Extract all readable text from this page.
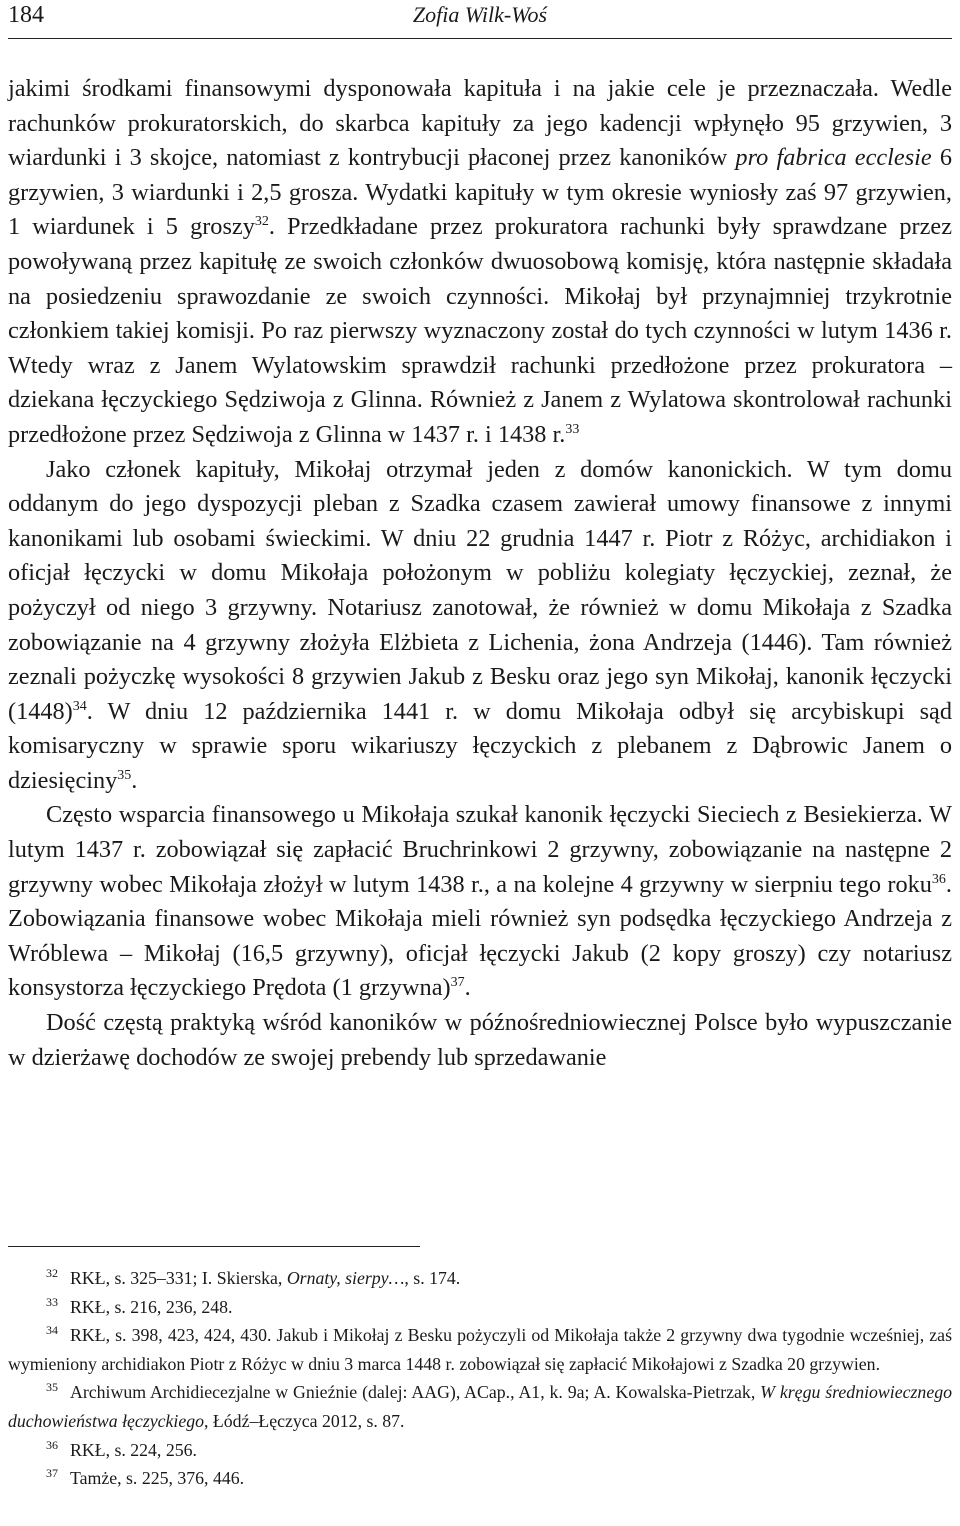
184	Zofia Wilk-Woś

jakimi środkami finansowymi dysponowała kapituła i na jakie cele je przeznaczała. Wedle rachunków prokuratorskich, do skarbca kapituły za jego kadencji wpłynęło 95 grzywien, 3 wiardunki i 3 skojce, natomiast z kontrybucji płaconej przez kanoników pro fabrica ecclesie 6 grzywien, 3 wiardunki i 2,5 grosza. Wydatki kapituły w tym okresie wyniosły zaś 97 grzywien, 1 wiardunek i 5 groszy$^{32}$. Przedkładane przez prokuratora rachunki były sprawdzane przez powoływaną przez kapitułę ze swoich członków dwuosobową komisję, która następnie składała na posiedzeniu sprawozdanie ze swoich czynności. Mikołaj był przynajmniej trzykrotnie członkiem takiej komisji. Po raz pierwszy wyznaczony został do tych czynności w lutym 1436 r. Wtedy wraz z Janem Wylatowskim sprawdził rachunki przedłożone przez prokuratora – dziekana łęczyckiego Sędziwoja z Glinna. Również z Janem z Wylatowa skontrolował rachunki przedłożone przez Sędziwoja z Glinna w 1437 r. i 1438 r.$^{33}$

Jako członek kapituły, Mikołaj otrzymał jeden z domów kanonickich. W tym domu oddanym do jego dyspozycji pleban z Szadka czasem zawierał umowy finansowe z innymi kanonikami lub osobami świeckimi. W dniu 22 grudnia 1447 r. Piotr z Różyc, archidiakon i oficjał łęczycki w domu Mikołaja położonym w pobliżu kolegiaty łęczyckiej, zeznał, że pożyczył od niego 3 grzywny. Notariusz zanotował, że również w domu Mikołaja z Szadka zobowiązanie na 4 grzywny złożyła Elżbieta z Lichenia, żona Andrzeja (1446). Tam również zeznali pożyczkę wysokości 8 grzywien Jakub z Besku oraz jego syn Mikołaj, kanonik łęczycki (1448)$^{34}$. W dniu 12 października 1441 r. w domu Mikołaja odbył się arcybiskupi sąd komisaryczny w sprawie sporu wikariuszy łęczyckich z plebanem z Dąbrowic Janem o dziesięciny$^{35}$.

Często wsparcia finansowego u Mikołaja szukał kanonik łęczycki Sieciech z Besiekierza. W lutym 1437 r. zobowiązał się zapłacić Bruchrinkowi 2 grzywny, zobowiązanie na następne 2 grzywny wobec Mikołaja złożył w lutym 1438 r., a na kolejne 4 grzywny w sierpniu tego roku$^{36}$. Zobowiązania finansowe wobec Mikołaja mieli również syn podsędka łęczyckiego Andrzeja z Wróblewa – Mikołaj (16,5 grzywny), oficjał łęczycki Jakub (2 kopy groszy) czy notariusz konsystorza łęczyckiego Prędota (1 grzywna)$^{37}$.

Dość częstą praktyką wśród kanoników w późnośredniowiecznej Polsce było wypuszczanie w dzierżawę dochodów ze swojej prebendy lub sprzedawanie

$^{32}$ RKŁ, s. 325–331; I. Skierska, Ornaty, sierpy…, s. 174.

$^{33}$ RKŁ, s. 216, 236, 248.

$^{34}$ RKŁ, s. 398, 423, 424, 430. Jakub i Mikołaj z Besku pożyczyli od Mikołaja także 2 grzywny dwa tygodnie wcześniej, zaś wymieniony archidiakon Piotr z Różyc w dniu 3 marca 1448 r. zobowiązał się zapłacić Mikołajowi z Szadka 20 grzywien.

$^{35}$ Archiwum Archidiecezjalne w Gnieźnie (dalej: AAG), ACap., A1, k. 9a; A. Kowalska-Pietrzak, W kręgu średniowiecznego duchowieństwa łęczyckiego, Łódź–Łęczyca 2012, s. 87.

$^{36}$ RKŁ, s. 224, 256.

$^{37}$ Tamże, s. 225, 376, 446.
